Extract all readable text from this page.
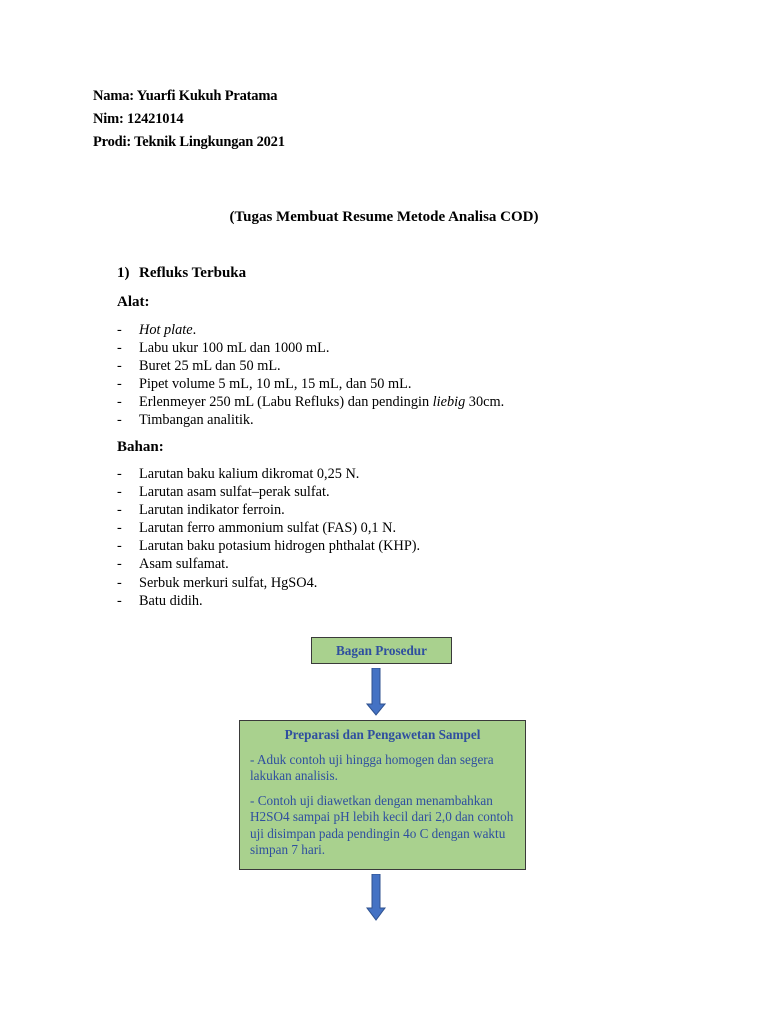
Nama: Yuarfi Kukuh Pratama
Nim: 12421014
Prodi: Teknik Lingkungan 2021
(Tugas Membuat Resume Metode Analisa COD)
1) Refluks Terbuka
Alat:
- Hot plate.
- Labu ukur 100 mL dan 1000 mL.
- Buret 25 mL dan 50 mL.
- Pipet volume 5 mL, 10 mL, 15 mL, dan 50 mL.
- Erlenmeyer 250 mL (Labu Refluks) dan pendingin liebig 30cm.
- Timbangan analitik.
Bahan:
- Larutan baku kalium dikromat 0,25 N.
- Larutan asam sulfat–perak sulfat.
- Larutan indikator ferroin.
- Larutan ferro ammonium sulfat (FAS) 0,1 N.
- Larutan baku potasium hidrogen phthalat (KHP).
- Asam sulfamat.
- Serbuk merkuri sulfat, HgSO4.
- Batu didih.
Bagan Prosedur
Preparasi dan Pengawetan Sampel
- Aduk contoh uji hingga homogen dan segera lakukan analisis.
- Contoh uji diawetkan dengan menambahkan H2SO4 sampai pH lebih kecil dari 2,0 dan contoh uji disimpan pada pendingin 4o C dengan waktu simpan 7 hari.
